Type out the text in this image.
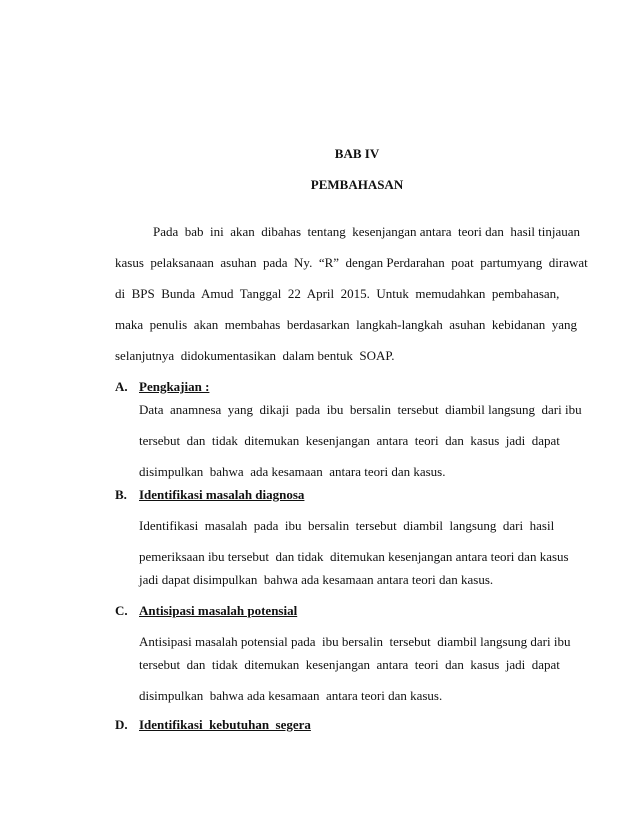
BAB IV
PEMBAHASAN
Pada  bab  ini  akan  dibahas  tentang  kesenjangan antara  teori dan  hasil tinjauan
kasus  pelaksanaan  asuhan  pada  Ny.  “R”  dengan Perdarahan  poat  partumyang  dirawat
di  BPS  Bunda  Amud  Tanggal  22  April  2015.  Untuk  memudahkan  pembahasan,
maka  penulis  akan  membahas  berdasarkan  langkah-langkah  asuhan  kebidanan  yang
selanjutnya  didokumentasikan  dalam bentuk  SOAP.
A. Pengkajian :
Data  anamnesa  yang  dikaji  pada  ibu  bersalin  tersebut  diambil langsung  dari ibu
tersebut  dan  tidak  ditemukan  kesenjangan  antara  teori  dan  kasus  jadi  dapat
disimpulkan  bahwa  ada kesamaan  antara teori dan kasus.
B. Identifikasi masalah diagnosa
Identifikasi  masalah  pada  ibu  bersalin  tersebut  diambil  langsung  dari  hasil
pemeriksaan ibu tersebut  dan tidak  ditemukan kesenjangan antara teori dan kasus
jadi dapat disimpulkan  bahwa ada kesamaan antara teori dan kasus.
C. Antisipasi masalah potensial
Antisipasi masalah potensial pada  ibu bersalin  tersebut  diambil langsung dari ibu
tersebut  dan  tidak  ditemukan  kesenjangan  antara  teori  dan  kasus  jadi  dapat
disimpulkan  bahwa ada kesamaan  antara teori dan kasus.
D. Identifikasi  kebutuhan  segera
